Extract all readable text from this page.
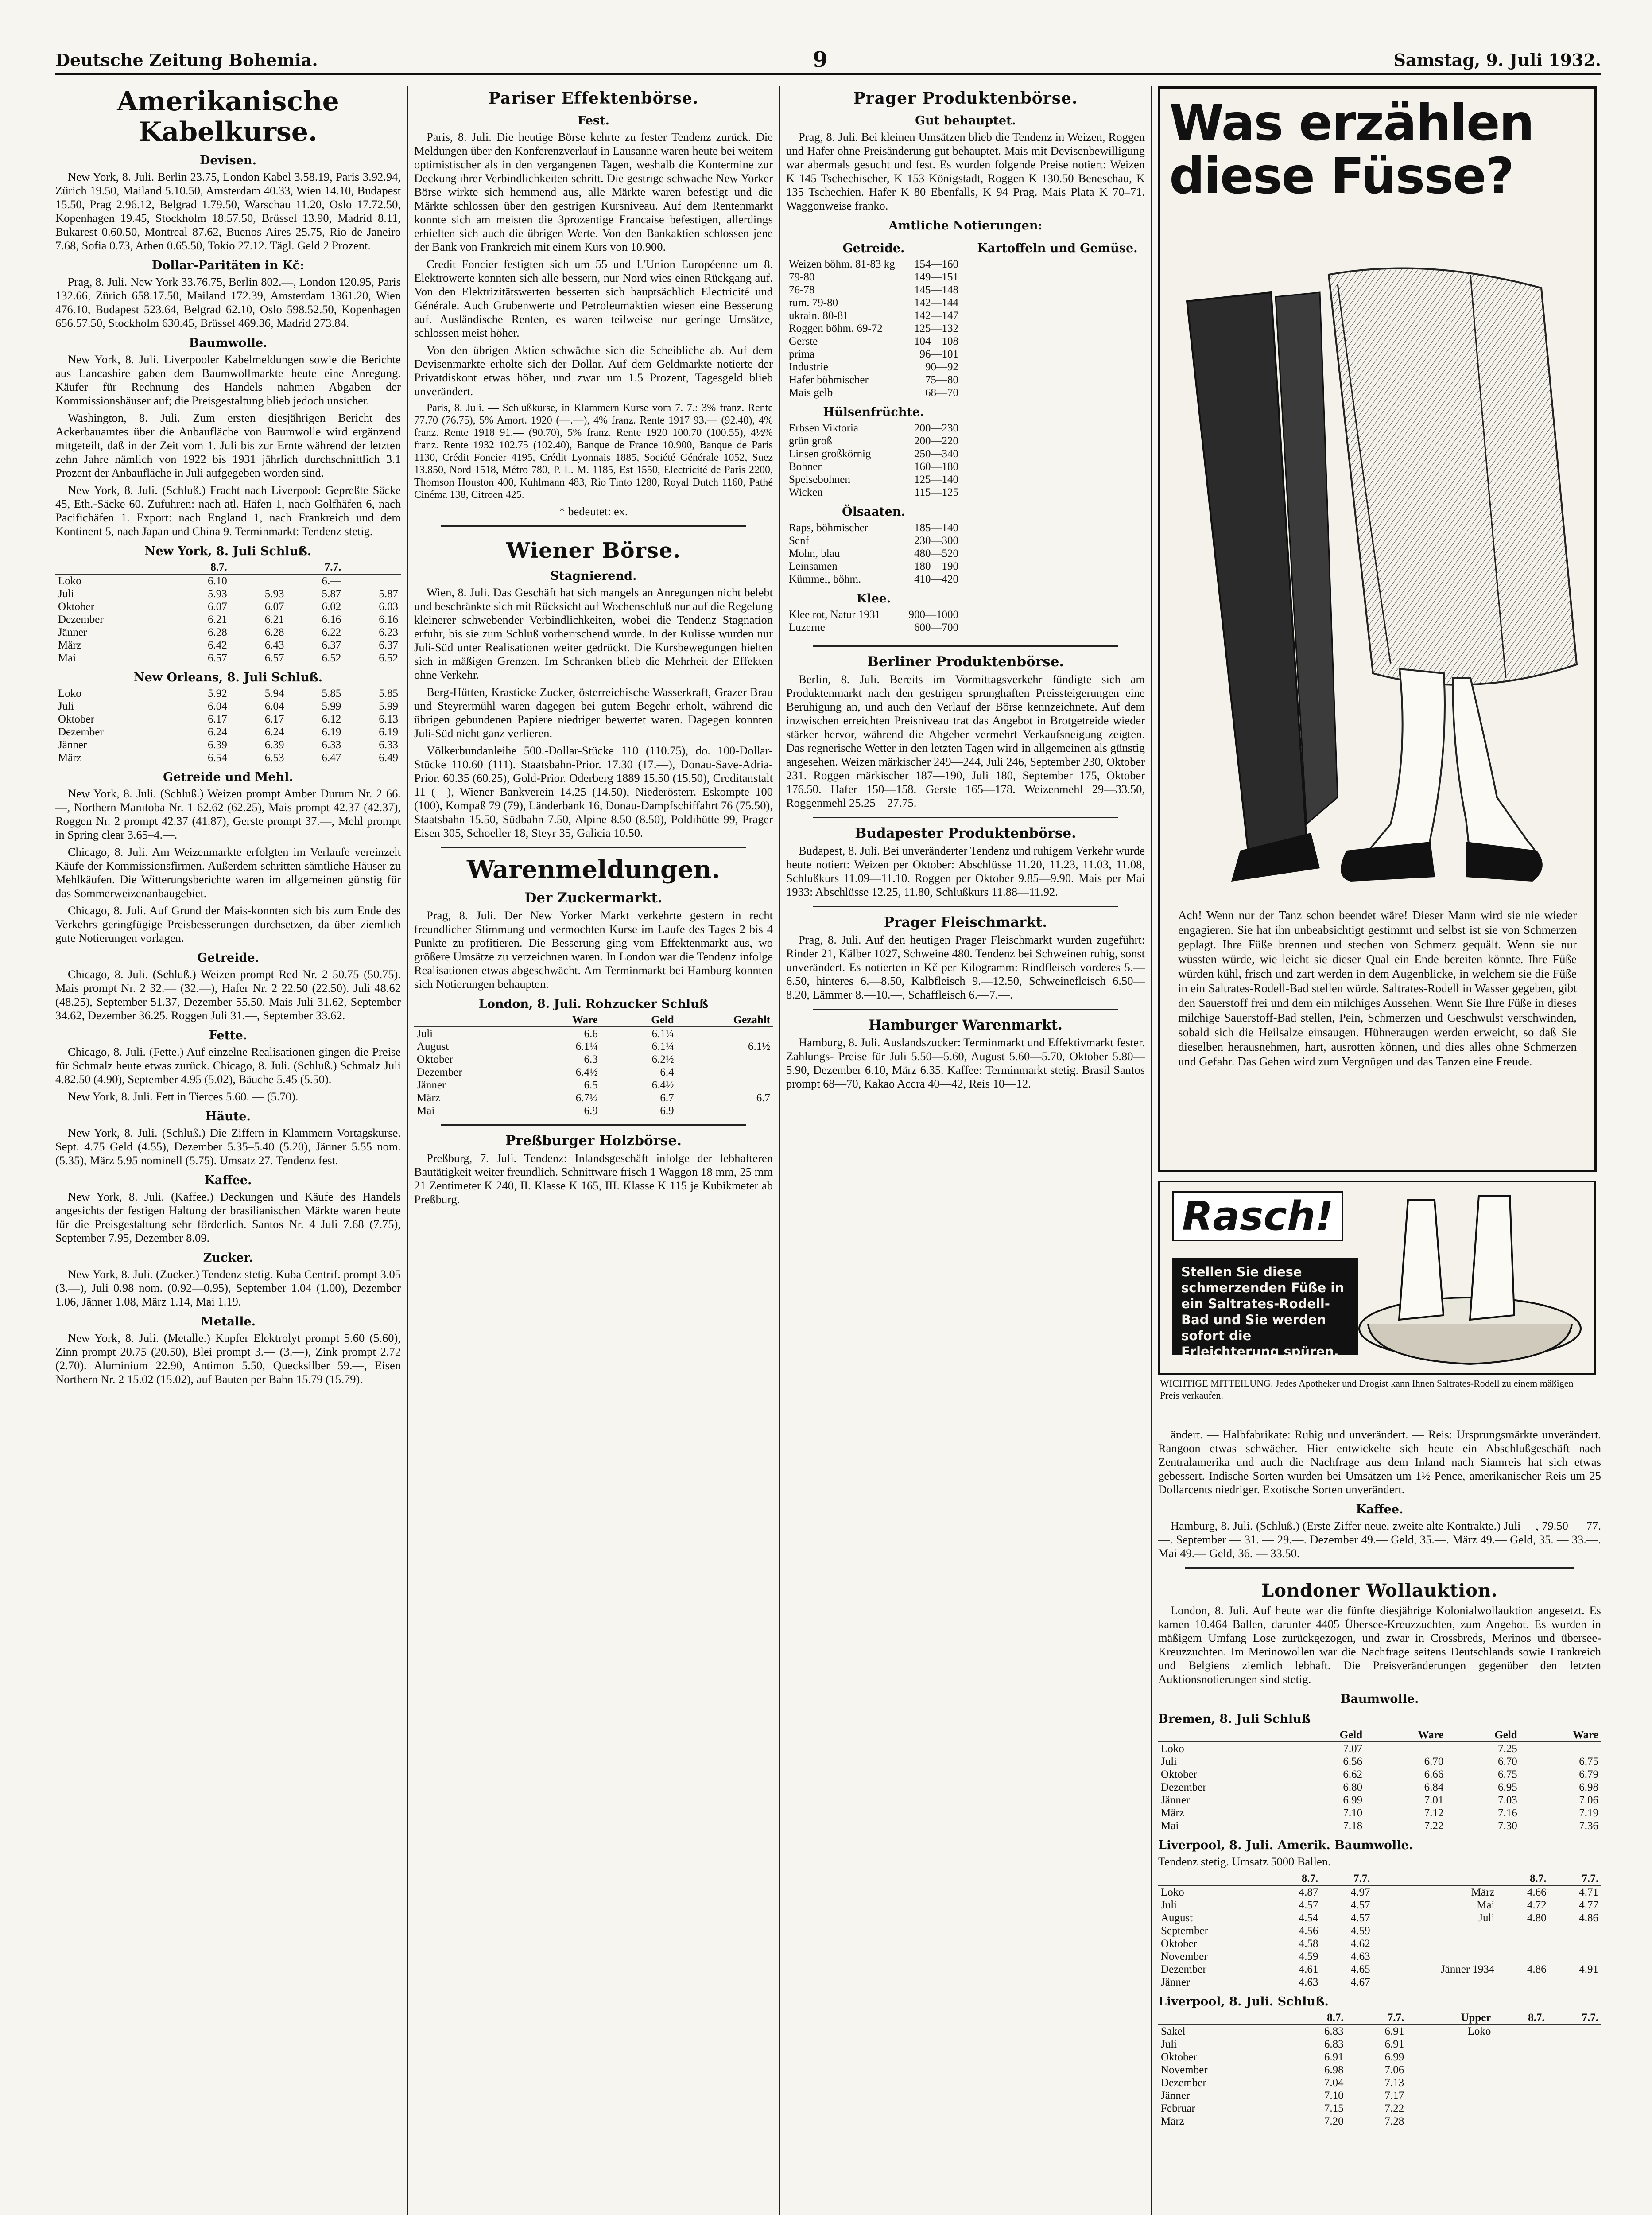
Deutsche Zeitung Bohemia.	9	Samstag, 9. Juli 1932.
Amerikanische Kabelkurse.
Devisen.

New York, 8. Juli. Berlin 23.75, London Kabel 3.58.19, Paris 3.92.94, Zürich 19.50, Mailand 5.10.50, Amsterdam 40.33, Wien 14.10, Budapest 15.50, Prag 2.96.12, Belgrad 1.79.50, Warschau 11.20, Oslo 17.72.50, Kopenhagen 19.45, Stockholm 18.57.50, Brüssel 13.90, Madrid 8.11, Bukarest 0.60.50, Montreal 87.62, Buenos Aires 25.75, Rio de Janeiro 7.68, Sofia 0.73, Athen 0.65.50, Tokio 27.12. Tägl. Geld 2 Prozent.

Dollar-Paritäten in Kč:

Prag, 8. Juli. New York 33.76.75, Berlin 802.—, London 120.95, Paris 132.66, Zürich 658.17.50, Mailand 172.39, Amsterdam 1361.20, Wien 476.10, Budapest 523.64, Belgrad 62.10, Oslo 598.52.50, Kopenhagen 656.57.50, Stockholm 630.45, Brüssel 469.36, Madrid 273.84.

Baumwolle.

New York, 8. Juli. Liverpooler Kabelmeldungen sowie die Berichte aus Lancashire gaben dem Baumwollmarkte heute eine Anregung. Käufer für Rechnung des Handels nahmen Abgaben der Kommissionshäuser auf; die Preisgestaltung blieb jedoch unsicher.

Washington, 8. Juli. Zum ersten diesjährigen Bericht des Ackerbauamtes über die Anbaufläche von Baumwolle wird ergänzend mitgeteilt, daß in der Zeit vom 1. Juli bis zur Ernte während der letzten zehn Jahre nämlich von 1922 bis 1931 jährlich durchschnittlich 3.1 Prozent der Anbaufläche in Juli aufgegeben worden sind.

New York, 8. Juli. (Schluß.) Fracht nach Liverpool: Gepreßte Säcke 45, Eth.-Säcke 60. Zufuhren: nach atl. Häfen 1, nach Golfhäfen 6, nach Pacifichäfen 1. Export: nach England 1, nach Frankreich und dem Kontinent 5, nach Japan und China 9. Terminmarkt: Tendenz stetig.

New York, 8. Juli Schluß.
	8.7.		7.7.	
Loko	6.10		6.—	
Juli	5.93	5.93	5.87	5.87
Oktober	6.07	6.07	6.02	6.03
Dezember	6.21	6.21	6.16	6.16
Jänner	6.28	6.28	6.22	6.23
März	6.42	6.43	6.37	6.37
Mai	6.57	6.57	6.52	6.52
New Orleans, 8. Juli Schluß.
Loko	5.92	5.94	5.85	5.85
Juli	6.04	6.04	5.99	5.99
Oktober	6.17	6.17	6.12	6.13
Dezember	6.24	6.24	6.19	6.19
Jänner	6.39	6.39	6.33	6.33
März	6.54	6.53	6.47	6.49
Getreide und Mehl.

New York, 8. Juli. (Schluß.) Weizen prompt Amber Durum Nr. 2 66.—, Northern Manitoba Nr. 1 62.62 (62.25), Mais prompt 42.37 (42.37), Roggen Nr. 2 prompt 42.37 (41.87), Gerste prompt 37.—, Mehl prompt in Spring clear 3.65–4.—.

Chicago, 8. Juli. Am Weizenmarkte erfolgten im Verlaufe vereinzelt Käufe der Kommissionsfirmen. Außerdem schritten sämtliche Häuser zu Mehlkäufen. Die Witterungsberichte waren im allgemeinen günstig für das Sommerweizenanbaugebiet.

Chicago, 8. Juli. Auf Grund der Mais-konnten sich bis zum Ende des Verkehrs geringfügige Preisbesserungen durchsetzen, da über ziemlich gute Notierungen vorlagen.

Getreide.

Chicago, 8. Juli. (Schluß.) Weizen prompt Red Nr. 2 50.75 (50.75). Mais prompt Nr. 2 32.— (32.—), Hafer Nr. 2 22.50 (22.50). Juli 48.62 (48.25), September 51.37, Dezember 55.50. Mais Juli 31.62, September 34.62, Dezember 36.25. Roggen Juli 31.—, September 33.62.

Fette.

Chicago, 8. Juli. (Fette.) Auf einzelne Realisationen gingen die Preise für Schmalz heute etwas zurück. Chicago, 8. Juli. (Schluß.) Schmalz Juli 4.82.50 (4.90), September 4.95 (5.02), Bäuche 5.45 (5.50).

New York, 8. Juli. Fett in Tierces 5.60. — (5.70).

Häute.

New York, 8. Juli. (Schluß.) Die Ziffern in Klammern Vortagskurse. Sept. 4.75 Geld (4.55), Dezember 5.35–5.40 (5.20), Jänner 5.55 nom. (5.35), März 5.95 nominell (5.75). Umsatz 27. Tendenz fest.

Kaffee.

New York, 8. Juli. (Kaffee.) Deckungen und Käufe des Handels angesichts der festigen Haltung der brasilianischen Märkte waren heute für die Preisgestaltung sehr förderlich. Santos Nr. 4 Juli 7.68 (7.75), September 7.95, Dezember 8.09.

Zucker.

New York, 8. Juli. (Zucker.) Tendenz stetig. Kuba Centrif. prompt 3.05 (3.—), Juli 0.98 nom. (0.92—0.95), September 1.04 (1.00), Dezember 1.06, Jänner 1.08, März 1.14, Mai 1.19.

Metalle.

New York, 8. Juli. (Metalle.) Kupfer Elektrolyt prompt 5.60 (5.60), Zinn prompt 20.75 (20.50), Blei prompt 3.— (3.—), Zink prompt 2.72 (2.70). Aluminium 22.90, Antimon 5.50, Quecksilber 59.—, Eisen Northern Nr. 2 15.02 (15.02), auf Bauten per Bahn 15.79 (15.79).

Pariser Effektenbörse.
Fest.

Paris, 8. Juli. Die heutige Börse kehrte zu fester Tendenz zurück. Die Meldungen über den Konferenzverlauf in Lausanne waren heute bei weitem optimistischer als in den vergangenen Tagen, weshalb die Kontermine zur Deckung ihrer Verbindlichkeiten schritt. Die gestrige schwache New Yorker Börse wirkte sich hemmend aus, alle Märkte waren befestigt und die Märkte schlossen über den gestrigen Kursniveau. Auf dem Rentenmarkt konnte sich am meisten die 3prozentige Francaise befestigen, allerdings erhielten sich auch die übrigen Werte. Von den Bankaktien schlossen jene der Bank von Frankreich mit einem Kurs von 10.900.

Credit Foncier festigten sich um 55 und L'Union Européenne um 8. Elektrowerte konnten sich alle bessern, nur Nord wies einen Rückgang auf. Von den Elektrizitätswerten besserten sich hauptsächlich Electricité und Générale. Auch Grubenwerte und Petroleumaktien wiesen eine Besserung auf. Ausländische Renten, es waren teilweise nur geringe Umsätze, schlossen meist höher.

Von den übrigen Aktien schwächte sich die Scheibliche ab. Auf dem Devisenmarkte erholte sich der Dollar. Auf dem Geldmarkte notierte der Privatdiskont etwas höher, und zwar um 1.5 Prozent, Tagesgeld blieb unverändert.

Paris, 8. Juli. — Schlußkurse, in Klammern Kurse vom 7. 7.: 3% franz. Rente 77.70 (76.75), 5% Amort. 1920 (—.—), 4% franz. Rente 1917 93.— (92.40), 4% franz. Rente 1918 91.— (90.70), 5% franz. Rente 1920 100.70 (100.55), 4½% franz. Rente 1932 102.75 (102.40), Banque de France 10.900, Banque de Paris 1130, Crédit Foncier 4195, Crédit Lyonnais 1885, Société Générale 1052, Suez 13.850, Nord 1518, Métro 780, P. L. M. 1185, Est 1550, Electricité de Paris 2200, Thomson Houston 400, Kuhlmann 483, Rio Tinto 1280, Royal Dutch 1160, Pathé Cinéma 138, Citroen 425.

* bedeutet: ex.

Wiener Börse.
Stagnierend.

Wien, 8. Juli. Das Geschäft hat sich mangels an Anregungen nicht belebt und beschränkte sich mit Rücksicht auf Wochenschluß nur auf die Regelung kleinerer schwebender Verbindlichkeiten, wobei die Tendenz Stagnation erfuhr, bis sie zum Schluß vorherrschend wurde. In der Kulisse wurden nur Juli-Süd unter Realisationen weiter gedrückt. Die Kursbewegungen hielten sich in mäßigen Grenzen. Im Schranken blieb die Mehrheit der Effekten ohne Verkehr.

Berg-Hütten, Krasticke Zucker, österreichische Wasserkraft, Grazer Brau und Steyrermühl waren dagegen bei gutem Begehr erholt, während die übrigen gebundenen Papiere niedriger bewertet waren. Dagegen konnten Juli-Süd nicht ganz verlieren.

Völkerbundanleihe 500.-Dollar-Stücke 110 (110.75), do. 100-Dollar-Stücke 110.60 (111). Staatsbahn-Prior. 17.30 (17.—), Donau-Save-Adria-Prior. 60.35 (60.25), Gold-Prior. Oderberg 1889 15.50 (15.50), Creditanstalt 11 (—), Wiener Bankverein 14.25 (14.50), Niederösterr. Eskompte 100 (100), Kompaß 79 (79), Länderbank 16, Donau-Dampfschiffahrt 76 (75.50), Staatsbahn 15.50, Südbahn 7.50, Alpine 8.50 (8.50), Poldihütte 99, Prager Eisen 305, Schoeller 18, Steyr 35, Galicia 10.50.

Warenmeldungen.
Der Zuckermarkt.

Prag, 8. Juli. Der New Yorker Markt verkehrte gestern in recht freundlicher Stimmung und vermochten Kurse im Laufe des Tages 2 bis 4 Punkte zu profitieren. Die Besserung ging vom Effektenmarkt aus, wo größere Umsätze zu verzeichnen waren. In London war die Tendenz infolge Realisationen etwas abgeschwächt. Am Terminmarkt bei Hamburg konnten sich Notierungen behaupten.

London, 8. Juli. Rohzucker Schluß
	Ware		Geld	Gezahlt
Juli	6.6		6.1¼	
August	6.1¼		6.1¼	6.1½
Oktober	6.3		6.2½	
Dezember	6.4½		6.4	
Jänner	6.5		6.4½	
März	6.7½		6.7	6.7
Mai	6.9		6.9	
Preßburger Holzbörse.

Preßburg, 7. Juli. Tendenz: Inlandsgeschäft infolge der lebhafteren Bautätigkeit weiter freundlich. Schnittware frisch 1 Waggon 18 mm, 25 mm 21 Zentimeter K 240, II. Klasse K 165, III. Klasse K 115 je Kubikmeter ab Preßburg.

Prager Produktenbörse.
Gut behauptet.

Prag, 8. Juli. Bei kleinen Umsätzen blieb die Tendenz in Weizen, Roggen und Hafer ohne Preisänderung gut behauptet. Mais mit Devisenbewilligung war abermals gesucht und fest. Es wurden folgende Preise notiert: Weizen K 145 Tschechischer, K 153 Königstadt, Roggen K 130.50 Beneschau, K 135 Tschechien. Hafer K 80 Ebenfalls, K 94 Prag. Mais Plata K 70–71. Waggonweise franko.

Amtliche Notierungen:
Getreide.
Weizen böhm. 81-83 kg	154—160
79-80	149—151
76-78	145—148
rum. 79-80	142—144
ukrain. 80-81	142—147
Roggen böhm. 69-72	125—132
Gerste	104—108
prima	96—101
Industrie	90—92
Hafer böhmischer	75—80
Mais gelb	68—70
Hülsenfrüchte.
Erbsen Viktoria	200—230
grün groß	200—220
Linsen großkörnig	250—340
Bohnen	160—180
Speisebohnen	125—140
Wicken	115—125
Ölsaaten.
Raps, böhmischer	185—140
Senf	230—300
Mohn, blau	480—520
Leinsamen	180—190
Kümmel, böhm.	410—420
Klee.
Klee rot, Natur 1931	900—1000
Luzerne	600—700
Kartoffeln und Gemüse.
Berliner Produktenbörse.

Berlin, 8. Juli. Bereits im Vormittagsverkehr fündigte sich am Produktenmarkt nach den gestrigen sprunghaften Preissteigerungen eine Beruhigung an, und auch den Verlauf der Börse kennzeichnete. Auf dem inzwischen erreichten Preisniveau trat das Angebot in Brotgetreide wieder stärker hervor, während die Abgeber vermehrt Verkaufsneigung zeigten. Das regnerische Wetter in den letzten Tagen wird in allgemeinen als günstig angesehen. Weizen märkischer 249—244, Juli 246, September 230, Oktober 231. Roggen märkischer 187—190, Juli 180, September 175, Oktober 176.50. Hafer 150—158. Gerste 165—178. Weizenmehl 29—33.50, Roggenmehl 25.25—27.75.

Budapester Produktenbörse.

Budapest, 8. Juli. Bei unveränderter Tendenz und ruhigem Verkehr wurde heute notiert: Weizen per Oktober: Abschlüsse 11.20, 11.23, 11.03, 11.08, Schlußkurs 11.09—11.10. Roggen per Oktober 9.85—9.90. Mais per Mai 1933: Abschlüsse 12.25, 11.80, Schlußkurs 11.88—11.92.

Prager Fleischmarkt.

Prag, 8. Juli. Auf den heutigen Prager Fleischmarkt wurden zugeführt: Rinder 21, Kälber 1027, Schweine 480. Tendenz bei Schweinen ruhig, sonst unverändert. Es notierten in Kč per Kilogramm: Rindfleisch vorderes 5.—6.50, hinteres 6.—8.50, Kalbfleisch 9.—12.50, Schweinefleisch 6.50—8.20, Lämmer 8.—10.—, Schaffleisch 6.—7.—.

Hamburger Warenmarkt.

Hamburg, 8. Juli. Auslandszucker: Terminmarkt und Effektivmarkt fester. Zahlungs- Preise für Juli 5.50—5.60, August 5.60—5.70, Oktober 5.80—5.90, Dezember 6.10, März 6.35. Kaffee: Terminmarkt stetig. Brasil Santos prompt 68—70, Kakao Accra 40—42, Reis 10—12.

Was erzählen diese Füsse?
Ach! Wenn nur der Tanz schon beendet wäre! Dieser Mann wird sie nie wieder engagieren. Sie hat ihn unbeabsichtigt gestimmt und selbst ist sie von Schmerzen geplagt. Ihre Füße brennen und stechen von Schmerz gequält. Wenn sie nur wüssten würde, wie leicht sie dieser Qual ein Ende bereiten könnte. Ihre Füße würden kühl, frisch und zart werden in dem Augenblicke, in welchem sie die Füße in ein Saltrates-Rodell-Bad stellen würde. Saltrates-Rodell in Wasser gegeben, gibt den Sauerstoff frei und dem ein milchiges Aussehen. Wenn Sie Ihre Füße in dieses milchige Sauerstoff-Bad stellen, Pein, Schmerzen und Geschwulst verschwinden, sobald sich die Heilsalze einsaugen. Hühneraugen werden erweicht, so daß Sie dieselben herausnehmen, hart, ausrotten können, und dies alles ohne Schmerzen und Gefahr. Das Gehen wird zum Vergnügen und das Tanzen eine Freude.
Rasch!
Stellen Sie diese schmerzenden Füße in ein Saltrates-Rodell-Bad und Sie werden sofort die Erleichterung spüren.
WICHTIGE MITTEILUNG. Jedes Apotheker und Drogist kann Ihnen Saltrates-Rodell zu einem mäßigen Preis verkaufen.

ändert. — Halbfabrikate: Ruhig und unverändert. — Reis: Ursprungsmärkte unverändert. Rangoon etwas schwächer. Hier entwickelte sich heute ein Abschlußgeschäft nach Zentralamerika und auch die Nachfrage aus dem Inland nach Siamreis hat sich etwas gebessert. Indische Sorten wurden bei Umsätzen um 1½ Pence, amerikanischer Reis um 25 Dollarcents niedriger. Exotische Sorten unverändert.

Kaffee.

Hamburg, 8. Juli. (Schluß.) (Erste Ziffer neue, zweite alte Kontrakte.) Juli —, 79.50 — 77.—. September — 31. — 29.—. Dezember 49.— Geld, 35.—. März 49.— Geld, 35. — 33.—. Mai 49.— Geld, 36. — 33.50.

Londoner Wollauktion.

London, 8. Juli. Auf heute war die fünfte diesjährige Kolonialwollauktion angesetzt. Es kamen 10.464 Ballen, darunter 4405 Übersee-Kreuzzuchten, zum Angebot. Es wurden in mäßigem Umfang Lose zurückgezogen, und zwar in Crossbreds, Merinos und übersee-Kreuzzuchten. Im Merinowollen war die Nachfrage seitens Deutschlands sowie Frankreich und Belgiens ziemlich lebhaft. Die Preisveränderungen gegenüber den letzten Auktionsnotierungen sind stetig.

Baumwolle.
Bremen, 8. Juli Schluß
	Geld	Ware	Geld	Ware
Loko	7.07		7.25	
Juli	6.56	6.70	6.70	6.75
Oktober	6.62	6.66	6.75	6.79
Dezember	6.80	6.84	6.95	6.98
Jänner	6.99	7.01	7.03	7.06
März	7.10	7.12	7.16	7.19
Mai	7.18	7.22	7.30	7.36
Liverpool, 8. Juli. Amerik. Baumwolle.

Tendenz stetig. Umsatz 5000 Ballen.

	8.7.	7.7.		8.7.	7.7.
Loko	4.87	4.97	März	4.66	4.71
Juli	4.57	4.57	Mai	4.72	4.77
August	4.54	4.57	Juli	4.80	4.86
September	4.56	4.59			
Oktober	4.58	4.62			
November	4.59	4.63			
Dezember	4.61	4.65	Jänner 1934	4.86	4.91
Jänner	4.63	4.67			
Liverpool, 8. Juli. Schluß.
	8.7.	7.7.	Upper	8.7.	7.7.
Sakel	6.83	6.91	Loko		
Juli	6.83	6.91			
Oktober	6.91	6.99			
November	6.98	7.06			
Dezember	7.04	7.13			
Jänner	7.10	7.17			
Februar	7.15	7.22			
März	7.20	7.28			
